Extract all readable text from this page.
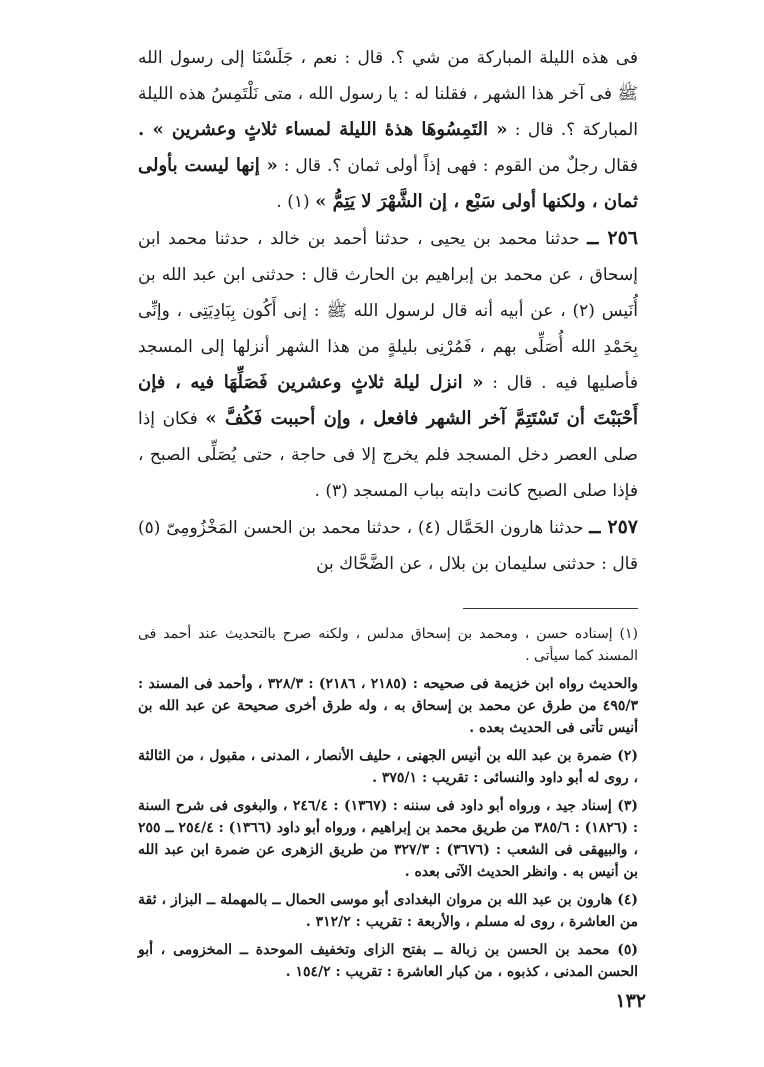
فى هذه الليلة المباركة من شي ؟. قال : نعم ، جَلَسْنَا إلى رسول الله ﷺ فى آخر هذا الشهر ، فقلنا له : يا رسول الله ، متى نَلْتَمِسُ هذه الليلة المباركة ؟. قال : « التَمِسُوهَا هذهٔ الليلة لمساء ثلاثٍ وعشرين » . فقال رجلٌ من القوم : فهى إذاً أولى ثمان ؟. قال : « إنها ليست بأولى ثمان ، ولكنها أولى سَبْع ، إن الشَّهْرَ لا يَتِمُّ » (١) .

٢٥٦ ــ حدثنا محمد بن يحيى ، حدثنا أحمد بن خالد ، حدثنا محمد ابن إسحاق ، عن محمد بن إبراهيم بن الحارث قال : حدثنى ابن عبد الله بن أُنَيس (٢) ، عن أبيه أنه قال لرسول الله ﷺ : إنى أَكُون بِبَادِيَتِى ، وإنِّى بِحَمْدِ الله أُصَلِّى بهم ، فَمُرْنِى بليلةٍ من هذا الشهر أنزلها إلى المسجد فأصليها فيه . قال : « انزل ليلة ثلاثٍ وعشرين فَصَلِّهَا فيه ، فإن أَحْبَبْتَ أن تَسْتَتِمَّ آخر الشهر فافعل ، وإن أحببت فَكُفَّ » فكان إذا صلى العصر دخل المسجد فلم يخرج إلا فى حاجة ، حتى يُصَلِّى الصبح ، فإذا صلى الصبح كانت دابته بباب المسجد (٣) .

٢٥٧ ــ حدثنا هارون الحَمَّال (٤) ، حدثنا محمد بن الحسن المَخْزُومِىّ (٥) قال : حدثنى سليمان بن بلال ، عن الضَّحَّاك بن

(١) إسناده حسن ، ومحمد بن إسحاق مدلس ، ولكنه صرح بالتحديث عند أحمد فى المسند كما سيأتى .

والحديث رواه ابن خزيمة فى صحيحه : (٢١٨٥ ، ٢١٨٦) : ٣٢٨/٣ ، وأحمد فى المسند : ٤٩٥/٣ من طرق عن محمد بن إسحاق به ، وله طرق أخرى صحيحة عن عبد الله بن أنيس تأتى فى الحديث بعده .

(٢) ضمرة بن عبد الله بن أنيس الجهنى ، حليف الأنصار ، المدنى ، مقبول ، من الثالثة ، روى له أبو داود والنسائى : تقريب : ٣٧٥/١ .

(٣) إسناد جيد ، ورواه أبو داود فى سننه : (١٣٦٧) : ٢٤٦/٤ ، والبغوى فى شرح السنة : (١٨٢٦) : ٣٨٥/٦ من طريق محمد بن إبراهيم ، ورواه أبو داود (١٣٦٦) : ٢٥٤/٤ ــ ٢٥٥ ، والبيهقى فى الشعب : (٣٦٧٦) : ٣٢٧/٣ من طريق الزهرى عن ضمرة ابن عبد الله بن أنيس به . وانظر الحديث الآتى بعده .

(٤) هارون بن عبد الله بن مروان البغدادى أبو موسى الحمال ــ بالمهملة ــ البزاز ، ثقة من العاشرة ، روى له مسلم ، والأربعة : تقريب : ٣١٢/٢ .

(٥) محمد بن الحسن بن زبالة ــ بفتح الزاى وتخفيف الموحدة ــ المخزومى ، أبو الحسن المدنى ، كذبوه ، من كبار العاشرة : تقريب : ١٥٤/٢ .

١٣٢
